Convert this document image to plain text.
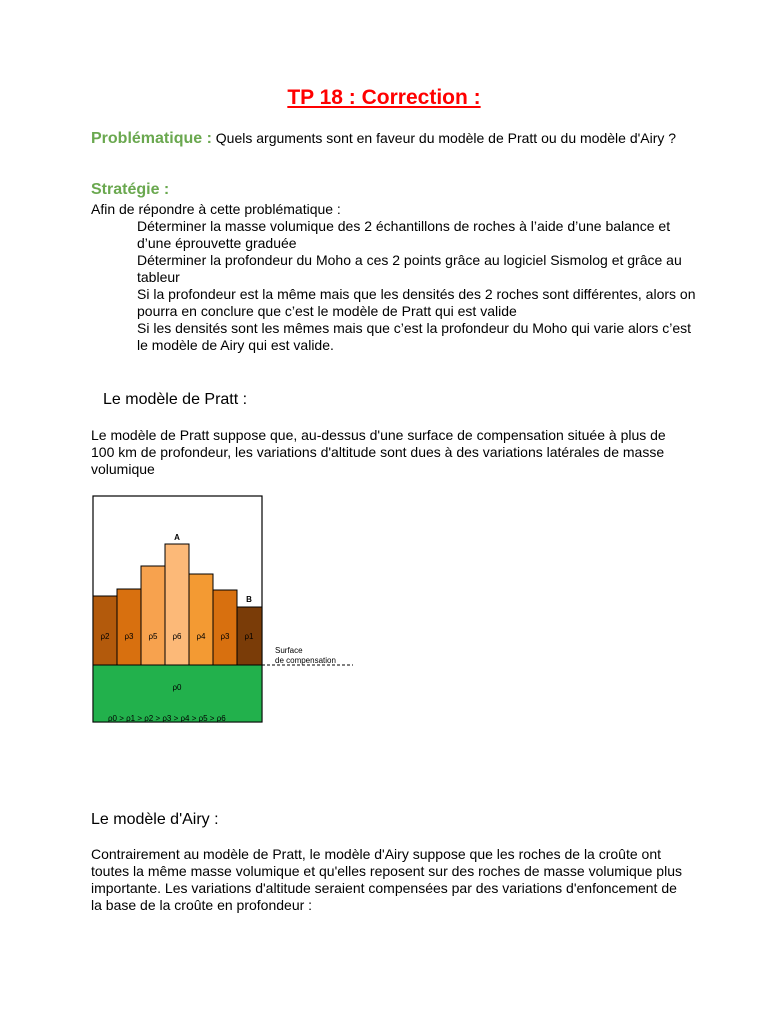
TP 18 : Correction :
Problématique : Quels arguments sont en faveur du modèle de Pratt ou du modèle d'Airy ?
Stratégie :
Afin de répondre à cette problématique :
Déterminer la masse volumique des 2 échantillons de roches à l’aide d’une balance et d’une éprouvette graduée
Déterminer la profondeur du Moho a ces 2 points grâce au logiciel Sismolog et grâce au tableur
Si la profondeur est la même mais que les densités des 2 roches sont différentes, alors on pourra en conclure que c’est le modèle de Pratt qui est valide
Si les densités sont les mêmes mais que c’est la profondeur du Moho qui varie alors c’est le modèle de Airy qui est valide.
Le modèle de Pratt :
Le modèle de Pratt suppose que, au-dessus d'une surface de compensation située à plus de 100 km de profondeur, les variations d'altitude sont dues à des variations latérales de masse volumique
ρ2 ρ3 ρ5 ρ6 ρ4 ρ3 ρ1
A
B
ρ0
Surface
de compensation
ρ0 > ρ1 > ρ2 > ρ3 > ρ4 > ρ5 > ρ6
Le modèle d'Airy :
Contrairement au modèle de Pratt, le modèle d'Airy suppose que les roches de la croûte ont toutes la même masse volumique et qu'elles reposent sur des roches de masse volumique plus importante. Les variations d'altitude seraient compensées par des variations d'enfoncement de la base de la croûte en profondeur :
